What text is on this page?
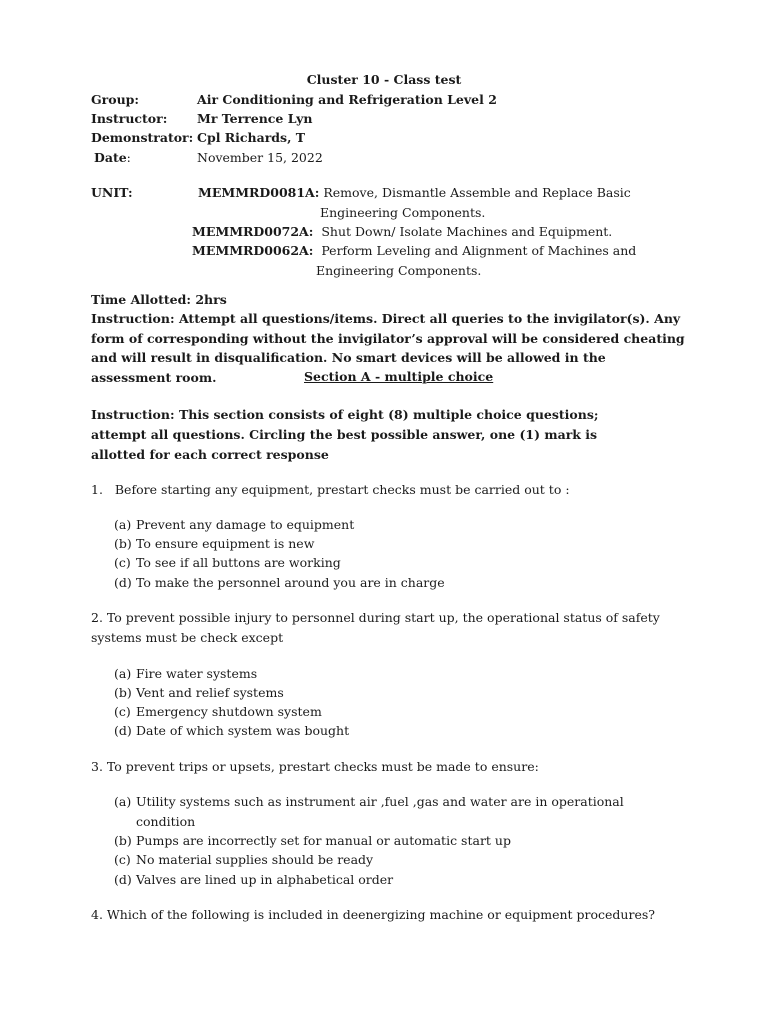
Cluster 10 - Class test
Group:	Air Conditioning and Refrigeration Level 2
Instructor: Mr Terrence Lyn
Demonstrator: Cpl Richards, T
Date:	November 15, 2022
UNIT:	MEMMRD0081A: Remove, Dismantle Assemble and Replace Basic
Engineering Components.
MEMMRD0072A: Shut Down/ Isolate Machines and Equipment.
MEMMRD0062A: Perform Leveling and Alignment of Machines and
Engineering Components.
Time Allotted: 2hrs
Instruction: Attempt all questions/items. Direct all queries to the invigilator(s). Any form of corresponding without the invigilator’s approval will be considered cheating and will result in disqualification. No smart devices will be allowed in the assessment room.	Section A - multiple choice
Instruction: This section consists of eight (8) multiple choice questions; attempt all questions. Circling the best possible answer, one (1) mark is allotted for each correct response
1. Before starting any equipment, prestart checks must be carried out to :
(a) Prevent any damage to equipment
(b) To ensure equipment is new
(c) To see if all buttons are working
(d) To make the personnel around you are in charge
2. To prevent possible injury to personnel during start up, the operational status of safety
systems must be check except
(a) Fire water systems
(b) Vent and relief systems
(c) Emergency shutdown system
(d) Date of which system was bought
3. To prevent trips or upsets, prestart checks must be made to ensure:
(a) Utility systems such as instrument air ,fuel ,gas and water are in operational
condition
(b) Pumps are incorrectly set for manual or automatic start up
(c) No material supplies should be ready
(d) Valves are lined up in alphabetical order
4. Which of the following is included in deenergizing machine or equipment procedures?
